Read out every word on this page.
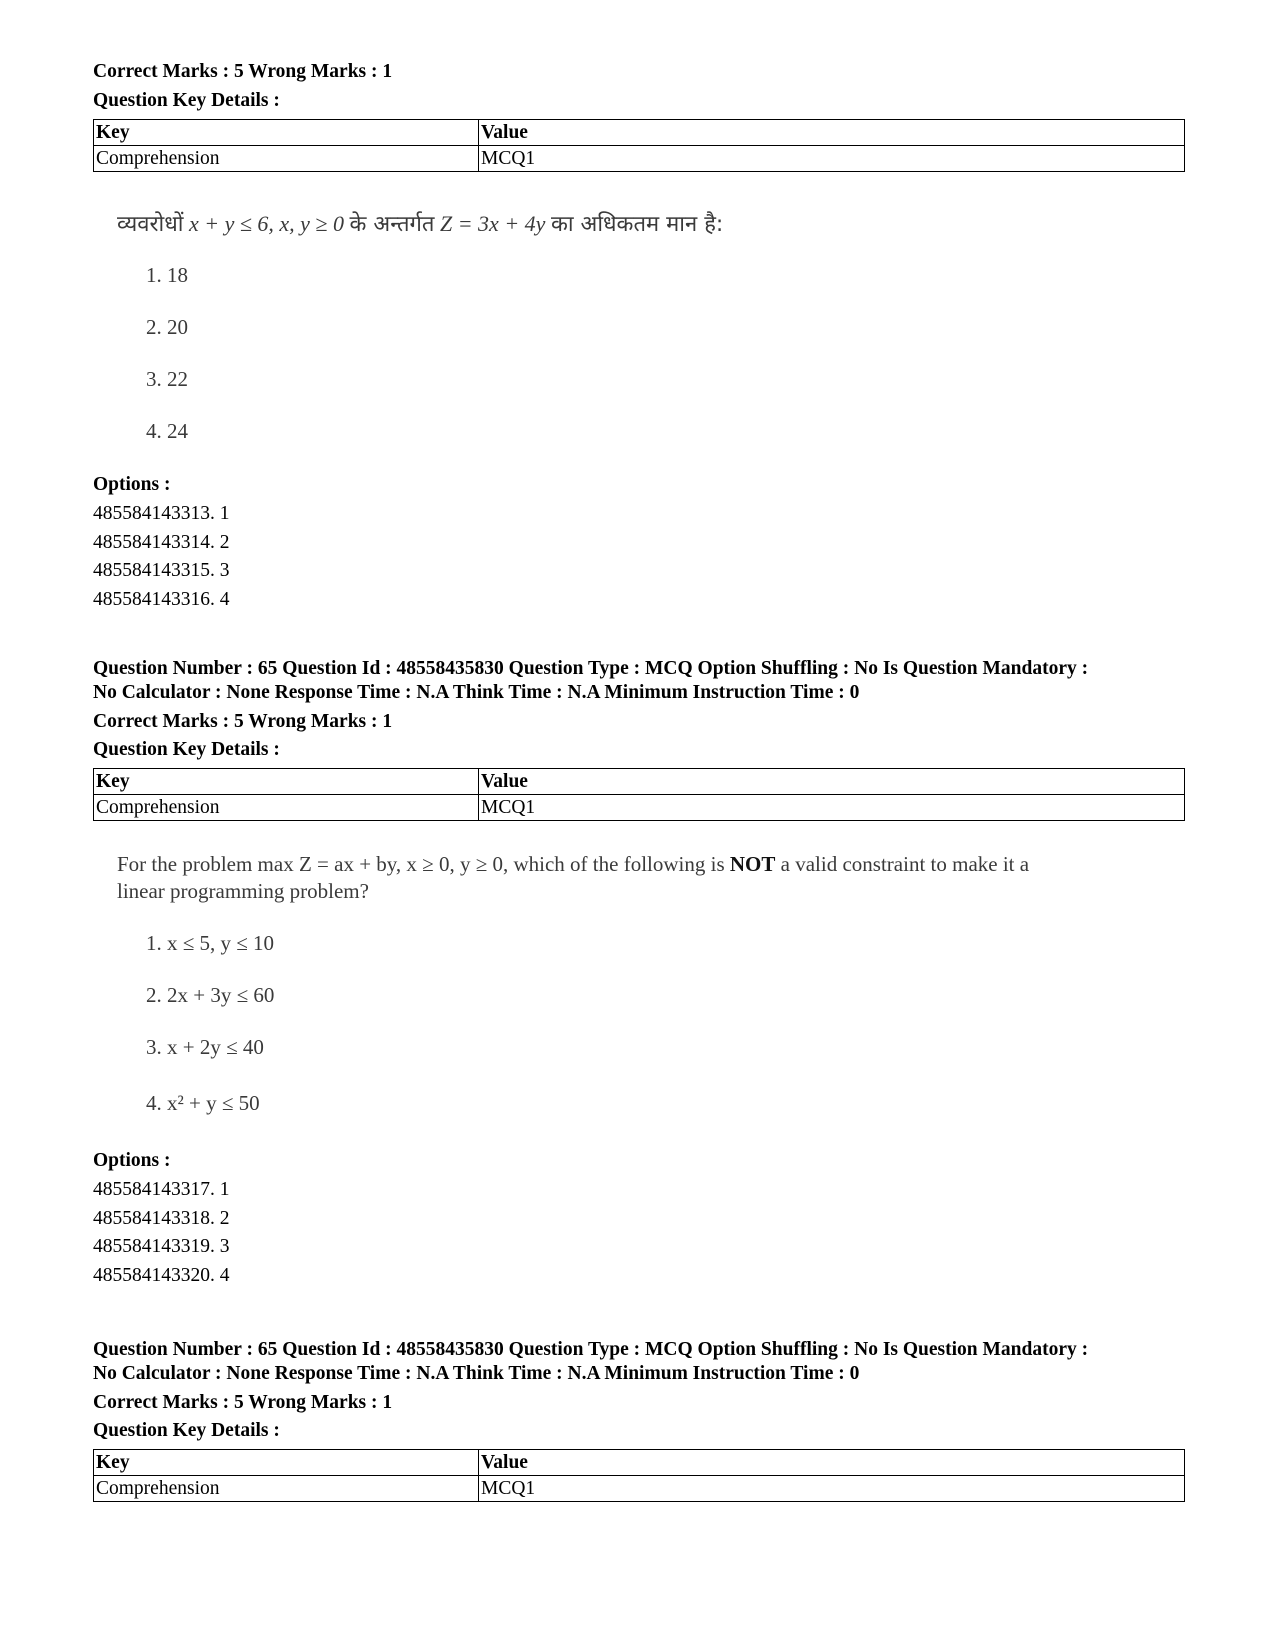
Correct Marks : 5 Wrong Marks : 1
Question Key Details :
Key	Value
Comprehension	MCQ1
व्यवरोधों x + y ≤ 6, x, y ≥ 0 के अन्तर्गत Z = 3x + 4y का अधिकतम मान है:
1. 18
2. 20
3. 22
4. 24
Options :
485584143313. 1
485584143314. 2
485584143315. 3
485584143316. 4
Question Number : 65 Question Id : 48558435830 Question Type : MCQ Option Shuffling : No Is Question Mandatory :
No Calculator : None Response Time : N.A Think Time : N.A Minimum Instruction Time : 0
Correct Marks : 5 Wrong Marks : 1
Question Key Details :
Key	Value
Comprehension	MCQ1
For the problem max Z = ax + by, x ≥ 0, y ≥ 0, which of the following is NOT a valid constraint to make it a
linear programming problem?
1. x ≤ 5, y ≤ 10
2. 2x + 3y ≤ 60
3. x + 2y ≤ 40
4. x² + y ≤ 50
Options :
485584143317. 1
485584143318. 2
485584143319. 3
485584143320. 4
Question Number : 65 Question Id : 48558435830 Question Type : MCQ Option Shuffling : No Is Question Mandatory :
No Calculator : None Response Time : N.A Think Time : N.A Minimum Instruction Time : 0
Correct Marks : 5 Wrong Marks : 1
Question Key Details :
Key	Value
Comprehension	MCQ1
